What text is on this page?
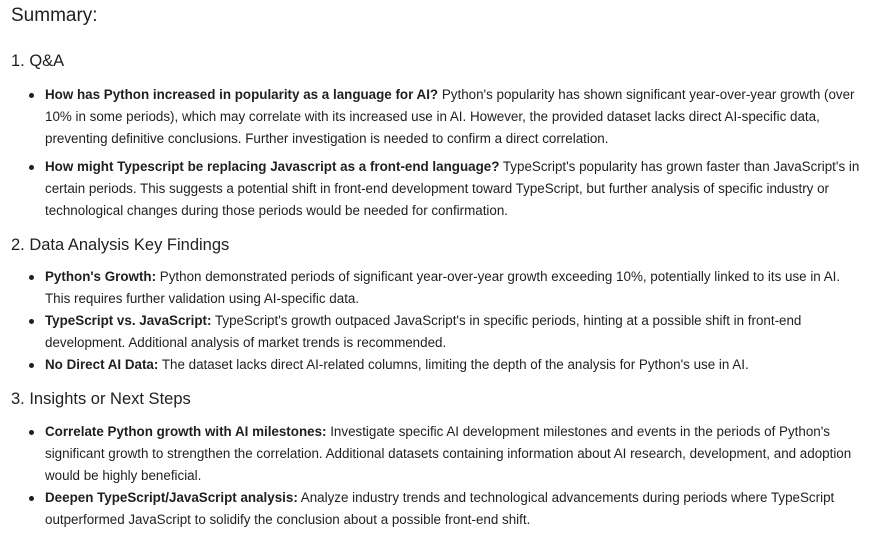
Summary:
1. Q&A
How has Python increased in popularity as a language for AI? Python's popularity has shown significant year-over-year growth (over 10% in some periods), which may correlate with its increased use in AI. However, the provided dataset lacks direct AI-specific data, preventing definitive conclusions. Further investigation is needed to confirm a direct correlation.
How might Typescript be replacing Javascript as a front-end language? TypeScript's popularity has grown faster than JavaScript's in certain periods. This suggests a potential shift in front-end development toward TypeScript, but further analysis of specific industry or technological changes during those periods would be needed for confirmation.
2. Data Analysis Key Findings
Python's Growth: Python demonstrated periods of significant year-over-year growth exceeding 10%, potentially linked to its use in AI. This requires further validation using AI-specific data.
TypeScript vs. JavaScript: TypeScript's growth outpaced JavaScript's in specific periods, hinting at a possible shift in front-end development. Additional analysis of market trends is recommended.
No Direct AI Data: The dataset lacks direct AI-related columns, limiting the depth of the analysis for Python's use in AI.
3. Insights or Next Steps
Correlate Python growth with AI milestones: Investigate specific AI development milestones and events in the periods of Python's significant growth to strengthen the correlation. Additional datasets containing information about AI research, development, and adoption would be highly beneficial.
Deepen TypeScript/JavaScript analysis: Analyze industry trends and technological advancements during periods where TypeScript outperformed JavaScript to solidify the conclusion about a possible front-end shift.
